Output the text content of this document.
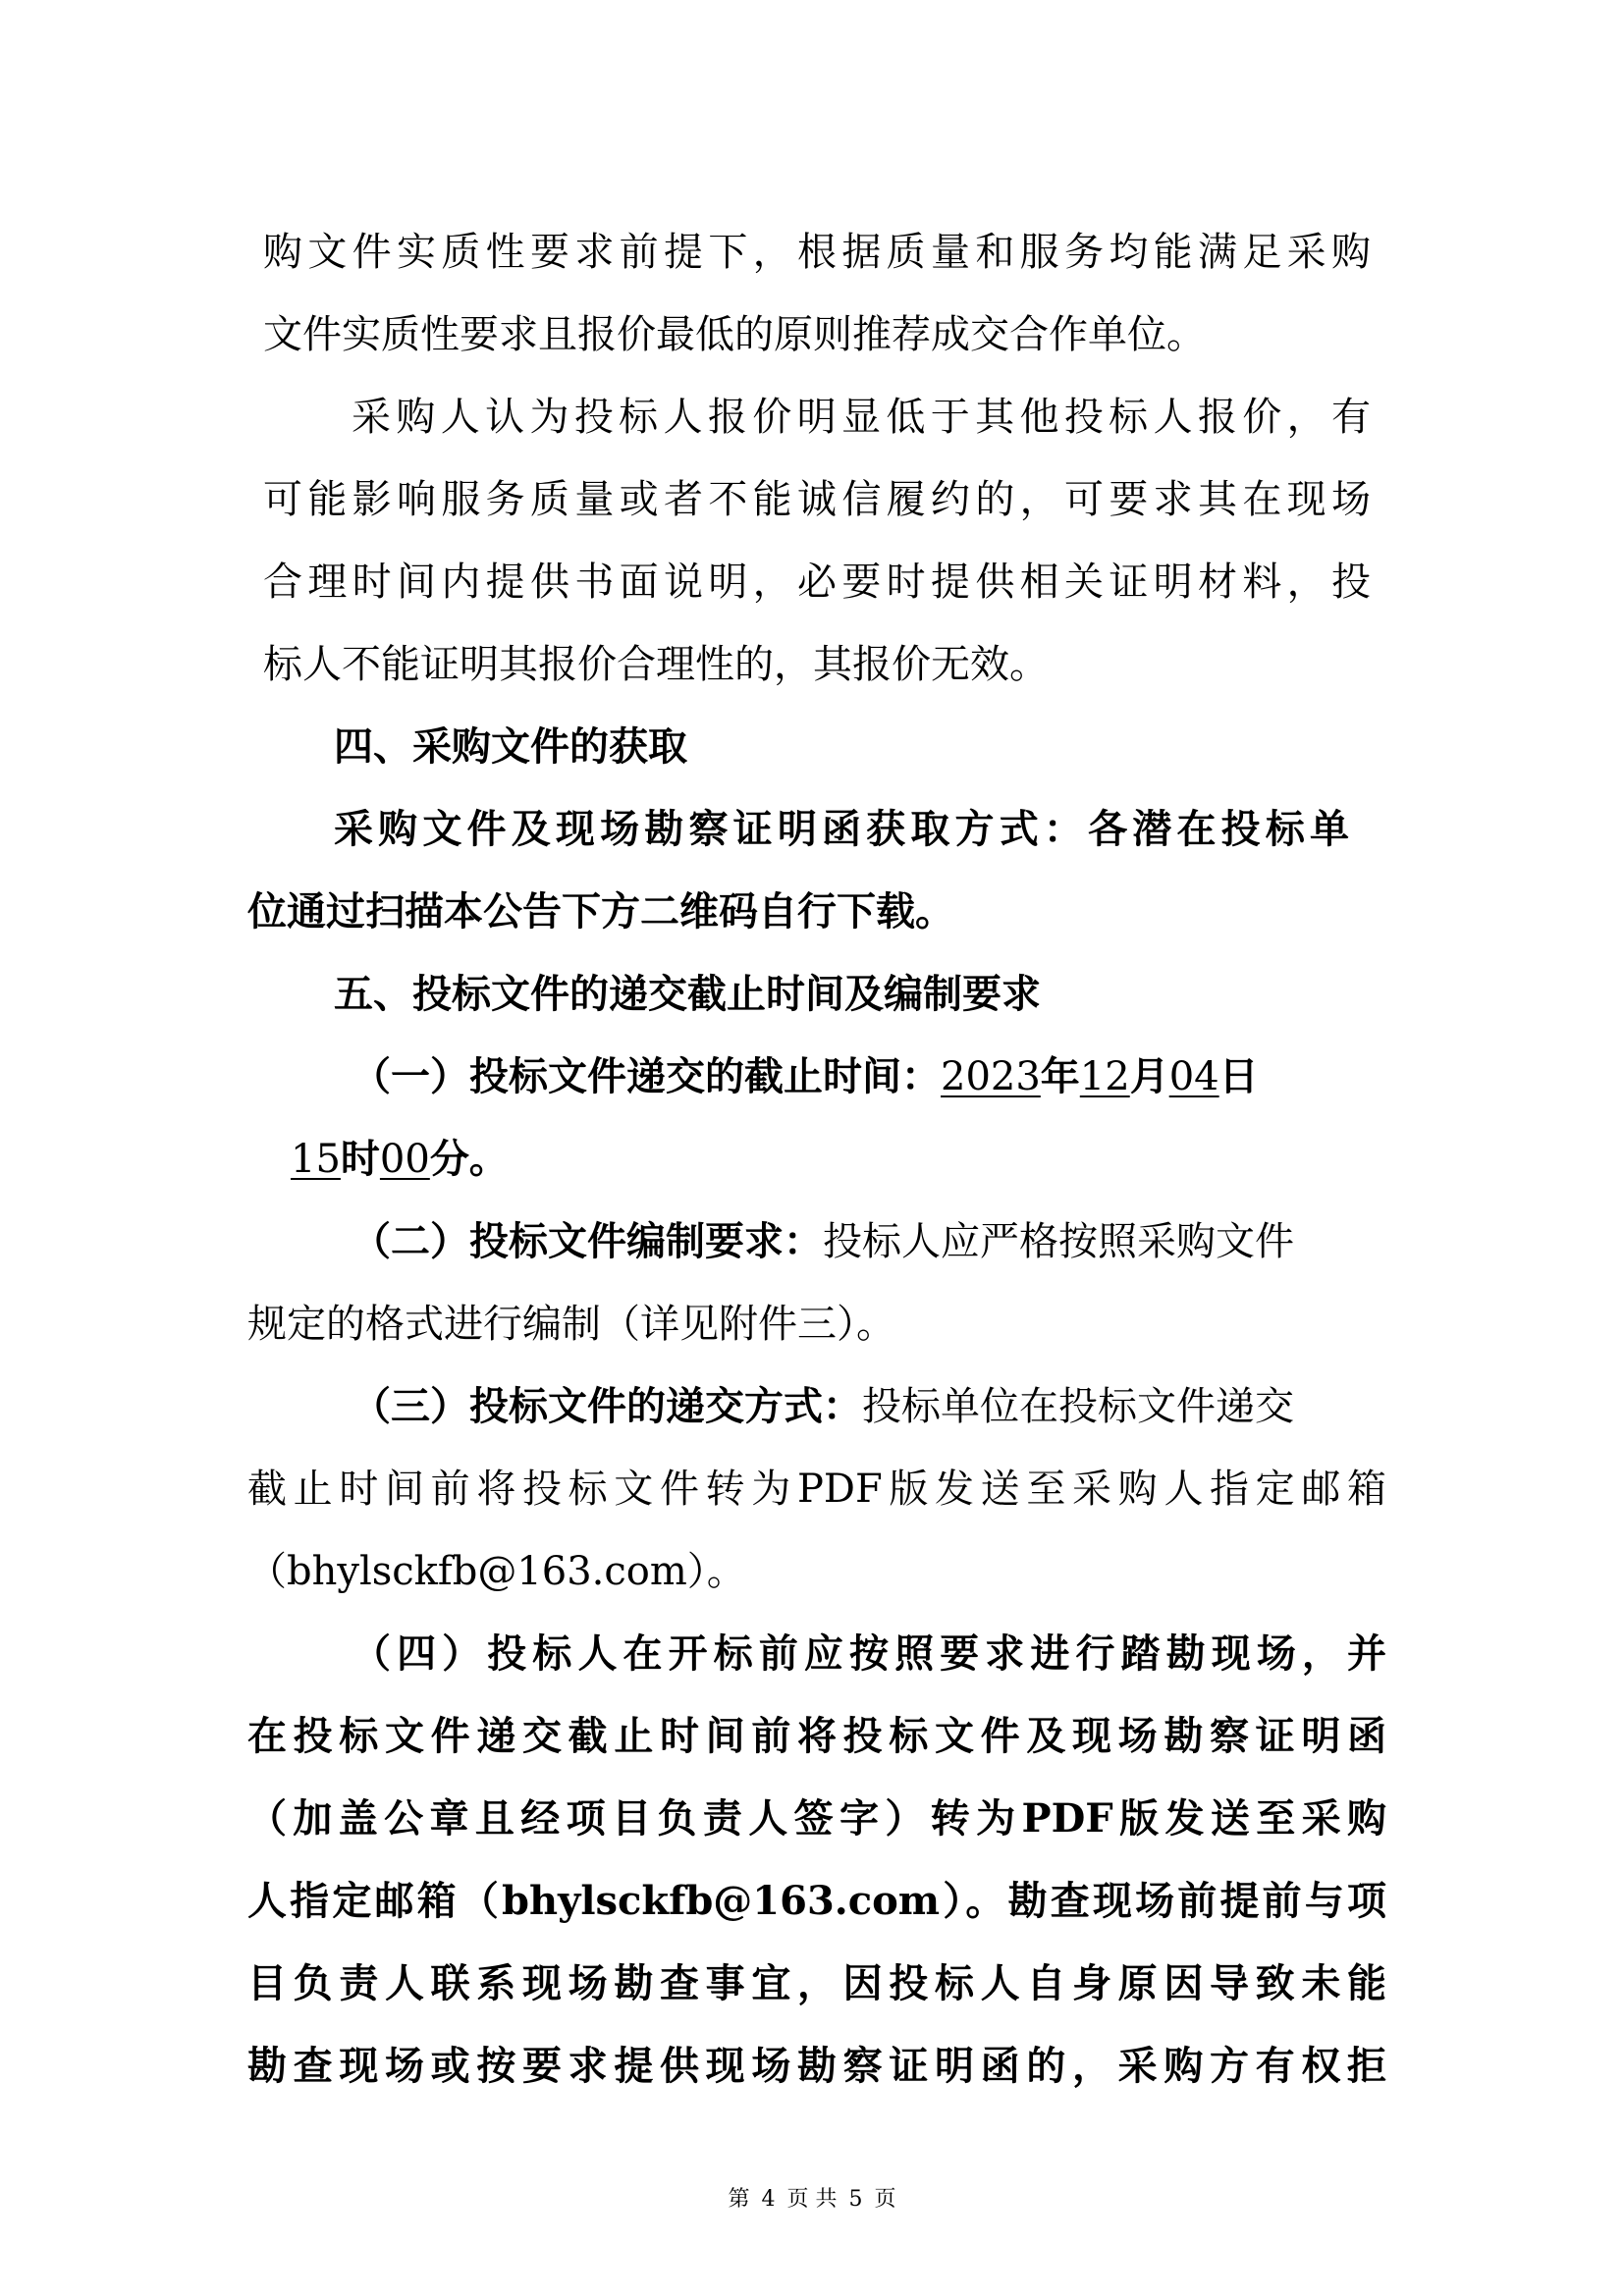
购文件实质性要求前提下，根据质量和服务均能满足采购
文件实质性要求且报价最低的原则推荐成交合作单位。
采购人认为投标人报价明显低于其他投标人报价，有
可能影响服务质量或者不能诚信履约的，可要求其在现场
合理时间内提供书面说明，必要时提供相关证明材料，投
标人不能证明其报价合理性的，其报价无效。
四、采购文件的获取
采购文件及现场勘察证明函获取方式：各潜在投标单
位通过扫描本公告下方二维码自行下载。
五、投标文件的递交截止时间及编制要求
（一）投标文件递交的截止时间：2023年12月04日
15时00分。
（二）投标文件编制要求：投标人应严格按照采购文件
规定的格式进行编制（详见附件三）。
（三）投标文件的递交方式：投标单位在投标文件递交
截止时间前将投标文件转为PDF版发送至采购人指定邮箱
（bhylsckfb@163.com）。
（四）投标人在开标前应按照要求进行踏勘现场，并
在投标文件递交截止时间前将投标文件及现场勘察证明函
（加盖公章且经项目负责人签字）转为PDF版发送至采购
人指定邮箱（bhylsckfb@163.com）。勘查现场前提前与项
目负责人联系现场勘查事宜，因投标人自身原因导致未能
勘查现场或按要求提供现场勘察证明函的，采购方有权拒
第 4 页 共 5 页
